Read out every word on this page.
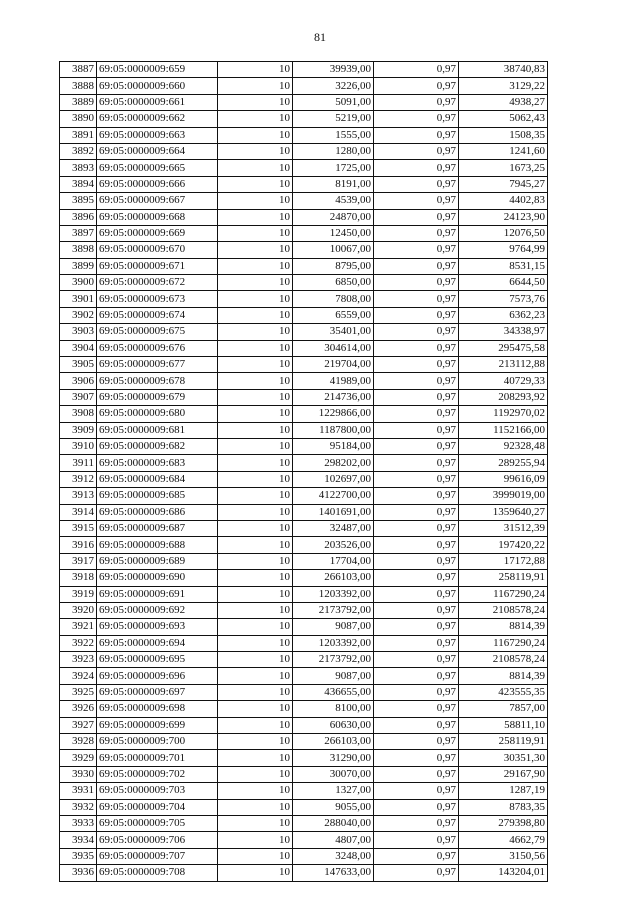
81
3887	69:05:0000009:659	10	39939,00	0,97	38740,83
3888	69:05:0000009:660	10	3226,00	0,97	3129,22
3889	69:05:0000009:661	10	5091,00	0,97	4938,27
3890	69:05:0000009:662	10	5219,00	0,97	5062,43
3891	69:05:0000009:663	10	1555,00	0,97	1508,35
3892	69:05:0000009:664	10	1280,00	0,97	1241,60
3893	69:05:0000009:665	10	1725,00	0,97	1673,25
3894	69:05:0000009:666	10	8191,00	0,97	7945,27
3895	69:05:0000009:667	10	4539,00	0,97	4402,83
3896	69:05:0000009:668	10	24870,00	0,97	24123,90
3897	69:05:0000009:669	10	12450,00	0,97	12076,50
3898	69:05:0000009:670	10	10067,00	0,97	9764,99
3899	69:05:0000009:671	10	8795,00	0,97	8531,15
3900	69:05:0000009:672	10	6850,00	0,97	6644,50
3901	69:05:0000009:673	10	7808,00	0,97	7573,76
3902	69:05:0000009:674	10	6559,00	0,97	6362,23
3903	69:05:0000009:675	10	35401,00	0,97	34338,97
3904	69:05:0000009:676	10	304614,00	0,97	295475,58
3905	69:05:0000009:677	10	219704,00	0,97	213112,88
3906	69:05:0000009:678	10	41989,00	0,97	40729,33
3907	69:05:0000009:679	10	214736,00	0,97	208293,92
3908	69:05:0000009:680	10	1229866,00	0,97	1192970,02
3909	69:05:0000009:681	10	1187800,00	0,97	1152166,00
3910	69:05:0000009:682	10	95184,00	0,97	92328,48
3911	69:05:0000009:683	10	298202,00	0,97	289255,94
3912	69:05:0000009:684	10	102697,00	0,97	99616,09
3913	69:05:0000009:685	10	4122700,00	0,97	3999019,00
3914	69:05:0000009:686	10	1401691,00	0,97	1359640,27
3915	69:05:0000009:687	10	32487,00	0,97	31512,39
3916	69:05:0000009:688	10	203526,00	0,97	197420,22
3917	69:05:0000009:689	10	17704,00	0,97	17172,88
3918	69:05:0000009:690	10	266103,00	0,97	258119,91
3919	69:05:0000009:691	10	1203392,00	0,97	1167290,24
3920	69:05:0000009:692	10	2173792,00	0,97	2108578,24
3921	69:05:0000009:693	10	9087,00	0,97	8814,39
3922	69:05:0000009:694	10	1203392,00	0,97	1167290,24
3923	69:05:0000009:695	10	2173792,00	0,97	2108578,24
3924	69:05:0000009:696	10	9087,00	0,97	8814,39
3925	69:05:0000009:697	10	436655,00	0,97	423555,35
3926	69:05:0000009:698	10	8100,00	0,97	7857,00
3927	69:05:0000009:699	10	60630,00	0,97	58811,10
3928	69:05:0000009:700	10	266103,00	0,97	258119,91
3929	69:05:0000009:701	10	31290,00	0,97	30351,30
3930	69:05:0000009:702	10	30070,00	0,97	29167,90
3931	69:05:0000009:703	10	1327,00	0,97	1287,19
3932	69:05:0000009:704	10	9055,00	0,97	8783,35
3933	69:05:0000009:705	10	288040,00	0,97	279398,80
3934	69:05:0000009:706	10	4807,00	0,97	4662,79
3935	69:05:0000009:707	10	3248,00	0,97	3150,56
3936	69:05:0000009:708	10	147633,00	0,97	143204,01
